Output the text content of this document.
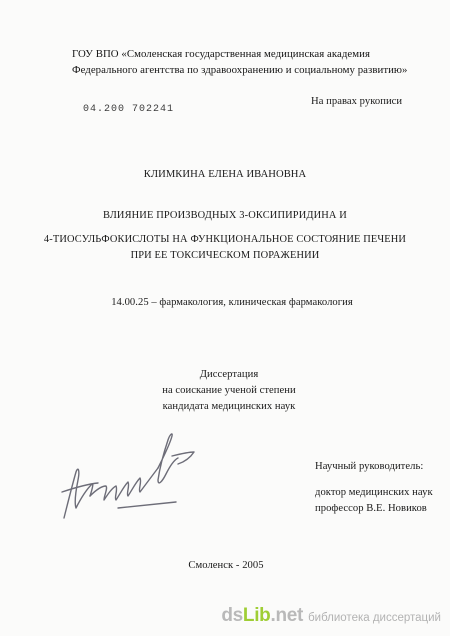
ГОУ ВПО «Смоленская государственная медицинская академия
Федерального агентства по здравоохранению и социальному развитию»
04.200 702241
На правах рукописи
КЛИМКИНА ЕЛЕНА ИВАНОВНА
ВЛИЯНИЕ ПРОИЗВОДНЫХ 3-ОКСИПИРИДИНА И
4-ТИОСУЛЬФОКИСЛОТЫ НА ФУНКЦИОНАЛЬНОЕ СОСТОЯНИЕ ПЕЧЕНИ
ПРИ ЕЕ ТОКСИЧЕСКОМ ПОРАЖЕНИИ
14.00.25 – фармакология, клиническая фармакология
Диссертация
на соискание ученой степени
кандидата медицинских наук
Научный руководитель:
доктор медицинских наук
профессор В.Е. Новиков
Смоленск - 2005
dsLib.net библиотека диссертаций
